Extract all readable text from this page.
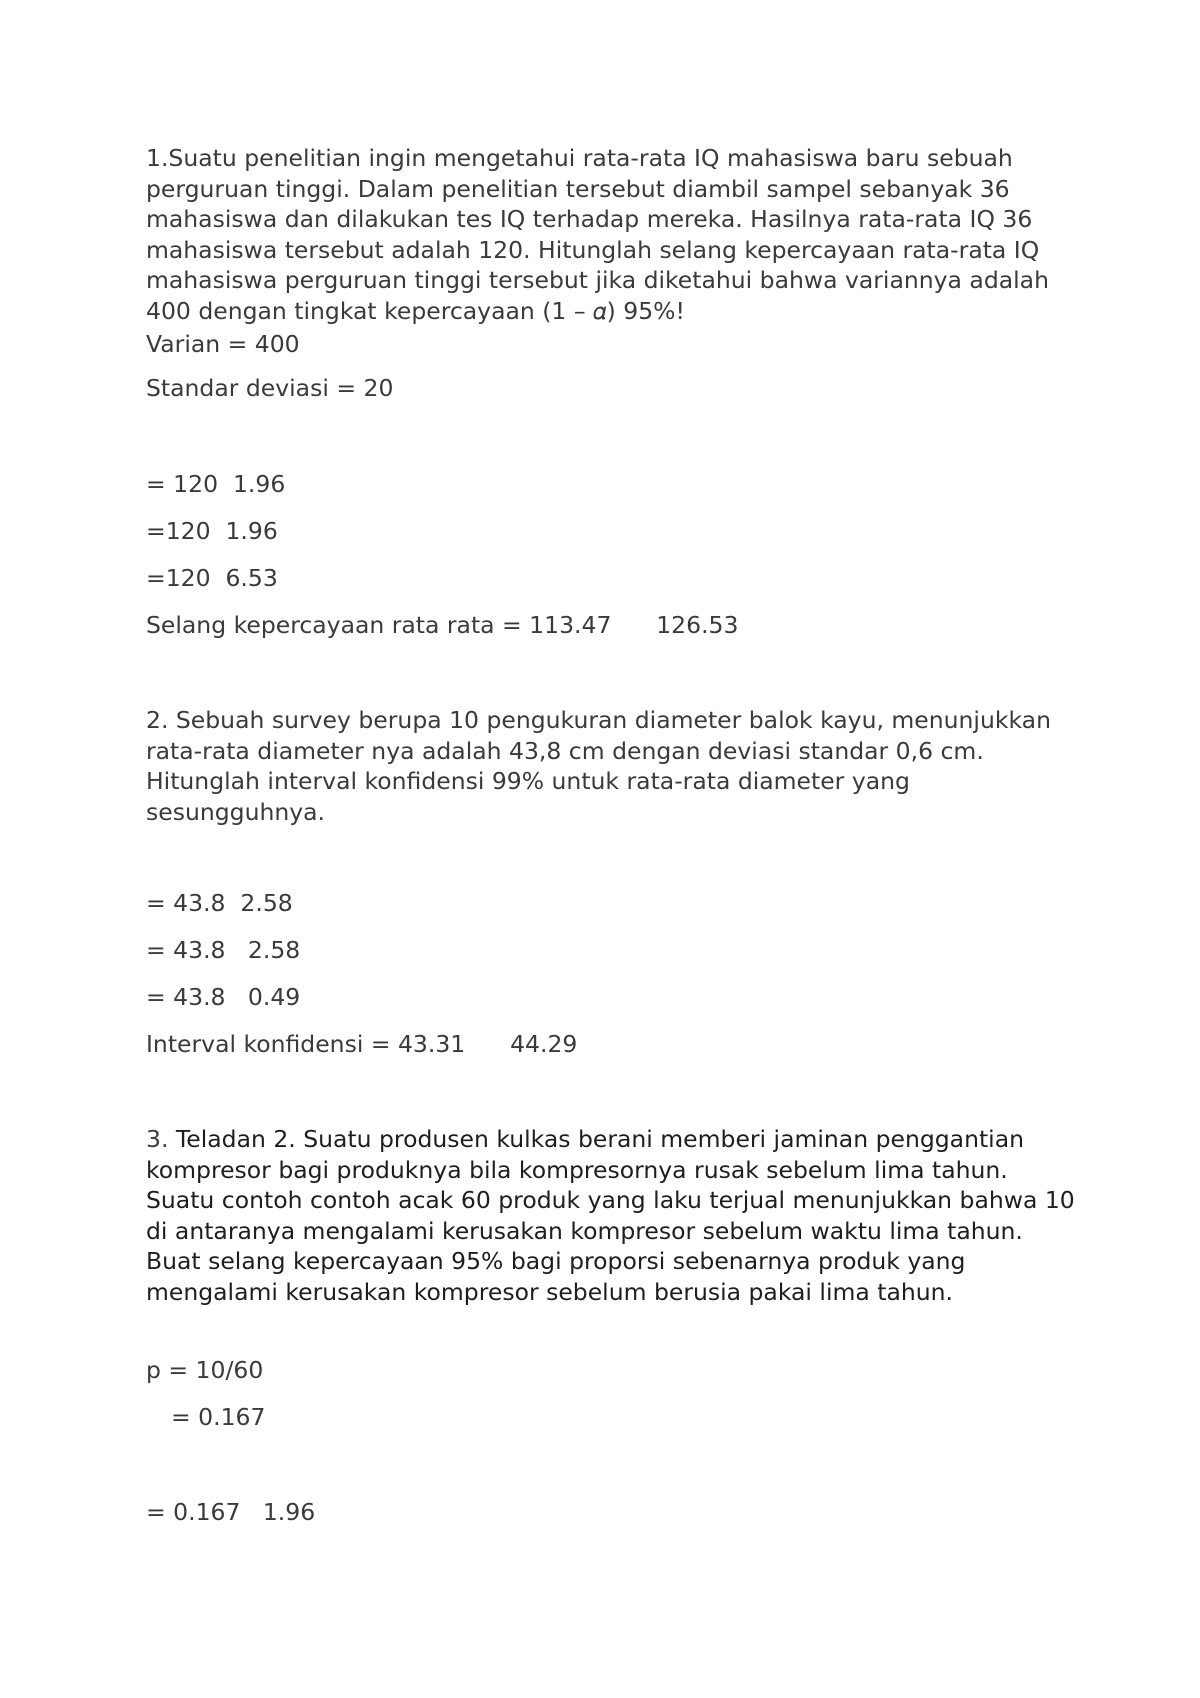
1.Suatu penelitian ingin mengetahui rata-rata IQ mahasiswa baru sebuah perguruan tinggi. Dalam penelitian tersebut diambil sampel sebanyak 36 mahasiswa dan dilakukan tes IQ terhadap mereka. Hasilnya rata-rata IQ 36 mahasiswa tersebut adalah 120. Hitunglah selang kepercayaan rata-rata IQ mahasiswa perguruan tinggi tersebut jika diketahui bahwa variannya adalah 400 dengan tingkat kepercayaan (1 – 𝛼) 95%!

Varian = 400

Standar deviasi = 20

= 120  1.96

=120  1.96

=120  6.53

Selang kepercayaan rata rata = 113.47      126.53

2. Sebuah survey berupa 10 pengukuran diameter balok kayu, menunjukkan rata-rata diameter nya adalah 43,8 cm dengan deviasi standar 0,6 cm. Hitunglah interval konfidensi 99% untuk rata-rata diameter yang sesungguhnya.

= 43.8  2.58

= 43.8   2.58

= 43.8   0.49

Interval konfidensi = 43.31      44.29

3. Teladan 2. Suatu produsen kulkas berani memberi jaminan penggantian kompresor bagi produknya bila kompresornya rusak sebelum lima tahun. Suatu contoh contoh acak 60 produk yang laku terjual menunjukkan bahwa 10 di antaranya mengalami kerusakan kompresor sebelum waktu lima tahun. Buat selang kepercayaan 95% bagi proporsi sebenarnya produk yang mengalami kerusakan kompresor sebelum berusia pakai lima tahun.

p = 10/60

= 0.167

= 0.167   1.96
